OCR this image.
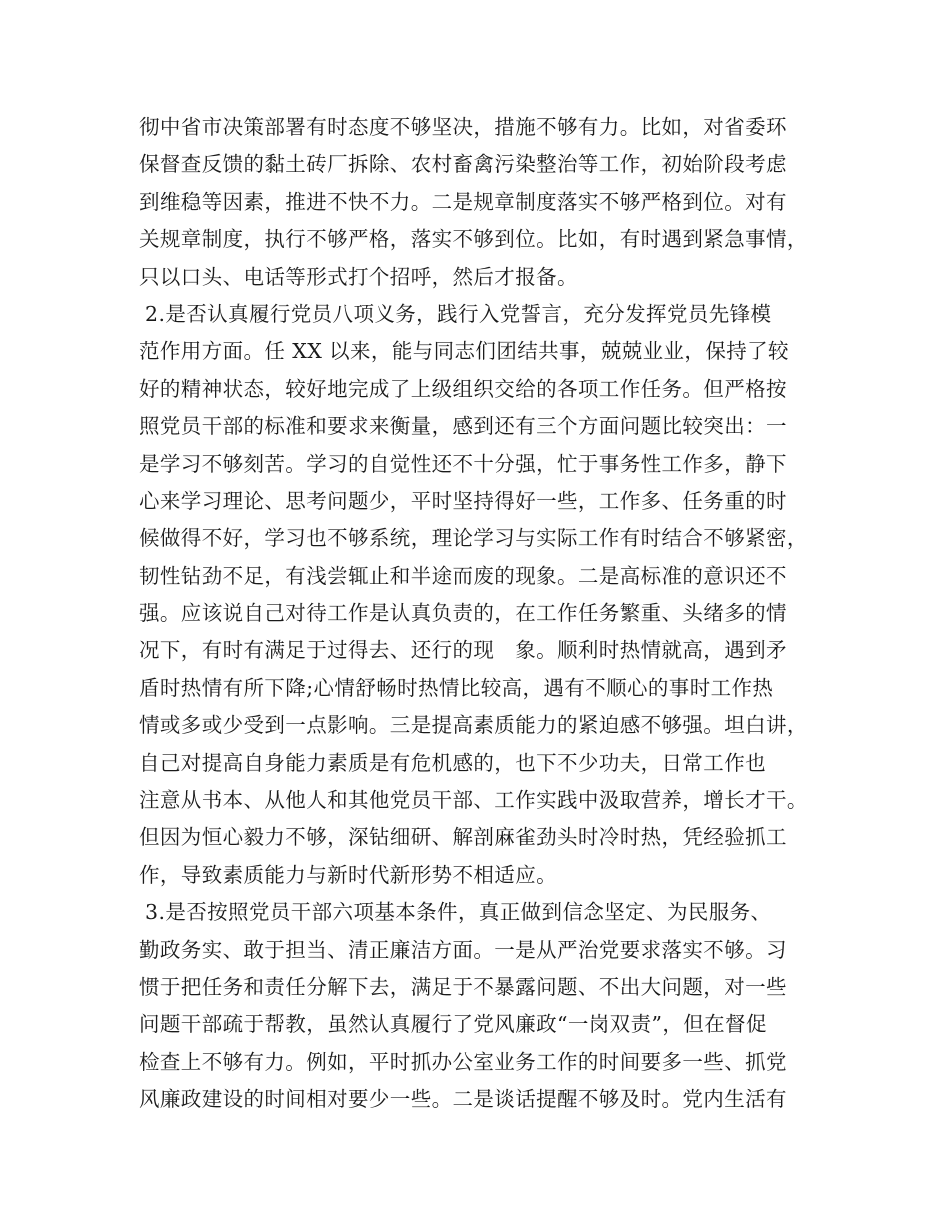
彻中省市决策部署有时态度不够坚决，措施不够有力。比如，对省委环
保督查反馈的黏土砖厂拆除、农村畜禽污染整治等工作，初始阶段考虑
到维稳等因素，推进不快不力。二是规章制度落实不够严格到位。对有
关规章制度，执行不够严格，落实不够到位。比如，有时遇到紧急事情，
只以口头、电话等形式打个招呼，然后才报备。
2.是否认真履行党员八项义务，践行入党誓言，充分发挥党员先锋模
范作用方面。任 XX 以来，能与同志们团结共事，兢兢业业，保持了较
好的精神状态，较好地完成了上级组织交给的各项工作任务。但严格按
照党员干部的标准和要求来衡量，感到还有三个方面问题比较突出：一
是学习不够刻苦。学习的自觉性还不十分强，忙于事务性工作多，静下
心来学习理论、思考问题少，平时坚持得好一些，工作多、任务重的时
候做得不好，学习也不够系统，理论学习与实际工作有时结合不够紧密，
韧性钻劲不足，有浅尝辄止和半途而废的现象。二是高标准的意识还不
强。应该说自己对待工作是认真负责的，在工作任务繁重、头绪多的情
况下，有时有满足于过得去、还行的现　象。顺利时热情就高，遇到矛
盾时热情有所下降;心情舒畅时热情比较高，遇有不顺心的事时工作热
情或多或少受到一点影响。三是提高素质能力的紧迫感不够强。坦白讲，
自己对提高自身能力素质是有危机感的，也下不少功夫，日常工作也
注意从书本、从他人和其他党员干部、工作实践中汲取营养，增长才干。
但因为恒心毅力不够，深钻细研、解剖麻雀劲头时冷时热，凭经验抓工
作，导致素质能力与新时代新形势不相适应。
3.是否按照党员干部六项基本条件，真正做到信念坚定、为民服务、
勤政务实、敢于担当、清正廉洁方面。一是从严治党要求落实不够。习
惯于把任务和责任分解下去，满足于不暴露问题、不出大问题，对一些
问题干部疏于帮教，虽然认真履行了党风廉政“一岗双责”，但在督促
检查上不够有力。例如，平时抓办公室业务工作的时间要多一些、抓党
风廉政建设的时间相对要少一些。二是谈话提醒不够及时。党内生活有
